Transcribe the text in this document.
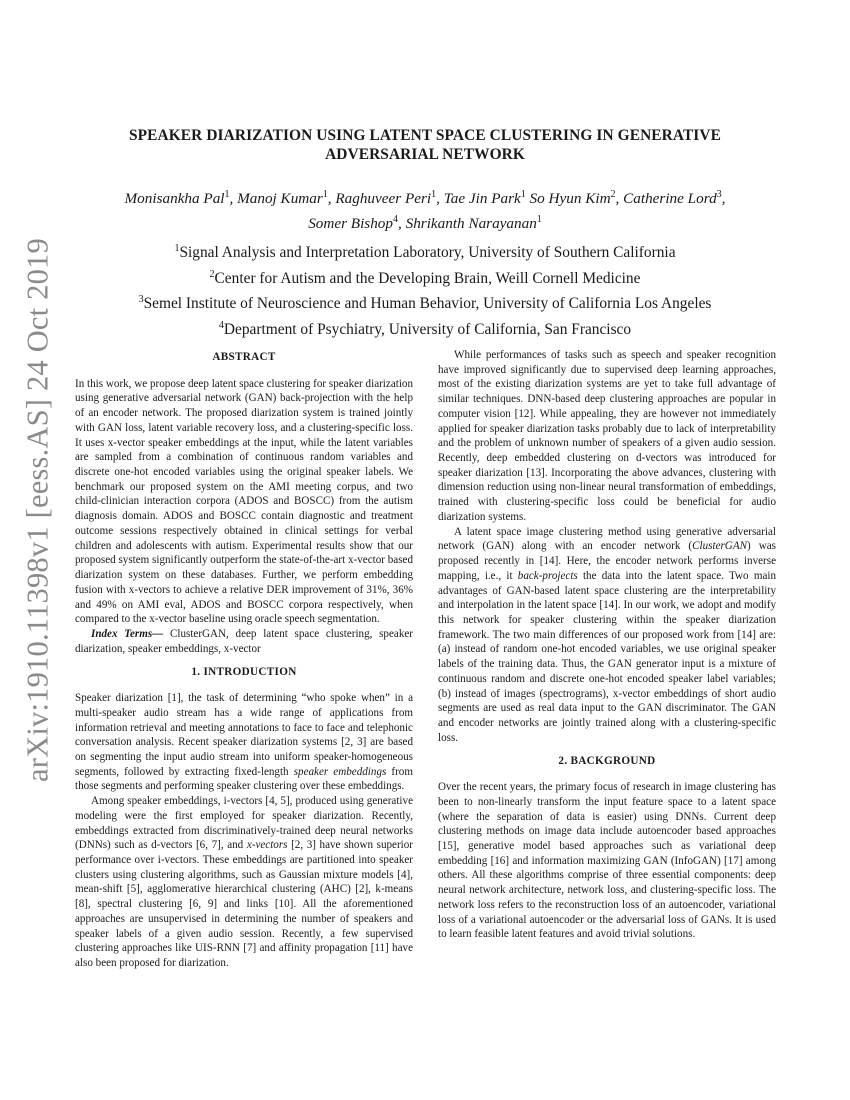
arXiv:1910.11398v1 [eess.AS] 24 Oct 2019
SPEAKER DIARIZATION USING LATENT SPACE CLUSTERING IN GENERATIVE ADVERSARIAL NETWORK
Monisankha Pal$^1$, Manoj Kumar$^1$, Raghuveer Peri$^1$, Tae Jin Park$^1$ So Hyun Kim$^2$, Catherine Lord$^3$,
Somer Bishop$^4$, Shrikanth Narayanan$^1$
$^1$Signal Analysis and Interpretation Laboratory, University of Southern California
$^2$Center for Autism and the Developing Brain, Weill Cornell Medicine
$^3$Semel Institute of Neuroscience and Human Behavior, University of California Los Angeles
$^4$Department of Psychiatry, University of California, San Francisco
ABSTRACT

In this work, we propose deep latent space clustering for speaker diarization using generative adversarial network (GAN) back-projection with the help of an encoder network. The proposed diarization system is trained jointly with GAN loss, latent variable recovery loss, and a clustering-specific loss. It uses x-vector speaker embeddings at the input, while the latent variables are sampled from a combination of continuous random variables and discrete one-hot encoded variables using the original speaker labels. We benchmark our proposed system on the AMI meeting corpus, and two child-clinician interaction corpora (ADOS and BOSCC) from the autism diagnosis domain. ADOS and BOSCC contain diagnostic and treatment outcome sessions respectively obtained in clinical settings for verbal children and adolescents with autism. Experimental results show that our proposed system significantly outperform the state-of-the-art x-vector based diarization system on these databases. Further, we perform embedding fusion with x-vectors to achieve a relative DER improvement of 31%, 36% and 49% on AMI eval, ADOS and BOSCC corpora respectively, when compared to the x-vector baseline using oracle speech segmentation.

Index Terms— ClusterGAN, deep latent space clustering, speaker diarization, speaker embeddings, x-vector

1. INTRODUCTION

Speaker diarization [1], the task of determining “who spoke when” in a multi-speaker audio stream has a wide range of applications from information retrieval and meeting annotations to face to face and telephonic conversation analysis. Recent speaker diarization systems [2, 3] are based on segmenting the input audio stream into uniform speaker-homogeneous segments, followed by extracting fixed-length speaker embeddings from those segments and performing speaker clustering over these embeddings.

Among speaker embeddings, i-vectors [4, 5], produced using generative modeling were the first employed for speaker diarization. Recently, embeddings extracted from discriminatively-trained deep neural networks (DNNs) such as d-vectors [6, 7], and x-vectors [2, 3] have shown superior performance over i-vectors. These embeddings are partitioned into speaker clusters using clustering algorithms, such as Gaussian mixture models [4], mean-shift [5], agglomerative hierarchical clustering (AHC) [2], k-means [8], spectral clustering [6, 9] and links [10]. All the aforementioned approaches are unsupervised in determining the number of speakers and speaker labels of a given audio session. Recently, a few supervised clustering approaches like UIS-RNN [7] and affinity propagation [11] have also been proposed for diarization.

While performances of tasks such as speech and speaker recognition have improved significantly due to supervised deep learning approaches, most of the existing diarization systems are yet to take full advantage of similar techniques. DNN-based deep clustering approaches are popular in computer vision [12]. While appealing, they are however not immediately applied for speaker diarization tasks probably due to lack of interpretability and the problem of unknown number of speakers of a given audio session. Recently, deep embedded clustering on d-vectors was introduced for speaker diarization [13]. Incorporating the above advances, clustering with dimension reduction using non-linear neural transformation of embeddings, trained with clustering-specific loss could be beneficial for audio diarization systems.

A latent space image clustering method using generative adversarial network (GAN) along with an encoder network (ClusterGAN) was proposed recently in [14]. Here, the encoder network performs inverse mapping, i.e., it back-projects the data into the latent space. Two main advantages of GAN-based latent space clustering are the interpretability and interpolation in the latent space [14]. In our work, we adopt and modify this network for speaker clustering within the speaker diarization framework. The two main differences of our proposed work from [14] are: (a) instead of random one-hot encoded variables, we use original speaker labels of the training data. Thus, the GAN generator input is a mixture of continuous random and discrete one-hot encoded speaker label variables; (b) instead of images (spectrograms), x-vector embeddings of short audio segments are used as real data input to the GAN discriminator. The GAN and encoder networks are jointly trained along with a clustering-specific loss.

2. BACKGROUND

Over the recent years, the primary focus of research in image clustering has been to non-linearly transform the input feature space to a latent space (where the separation of data is easier) using DNNs. Current deep clustering methods on image data include autoencoder based approaches [15], generative model based approaches such as variational deep embedding [16] and information maximizing GAN (InfoGAN) [17] among others. All these algorithms comprise of three essential components: deep neural network architecture, network loss, and clustering-specific loss. The network loss refers to the reconstruction loss of an autoencoder, variational loss of a variational autoencoder or the adversarial loss of GANs. It is used to learn feasible latent features and avoid trivial solutions.
